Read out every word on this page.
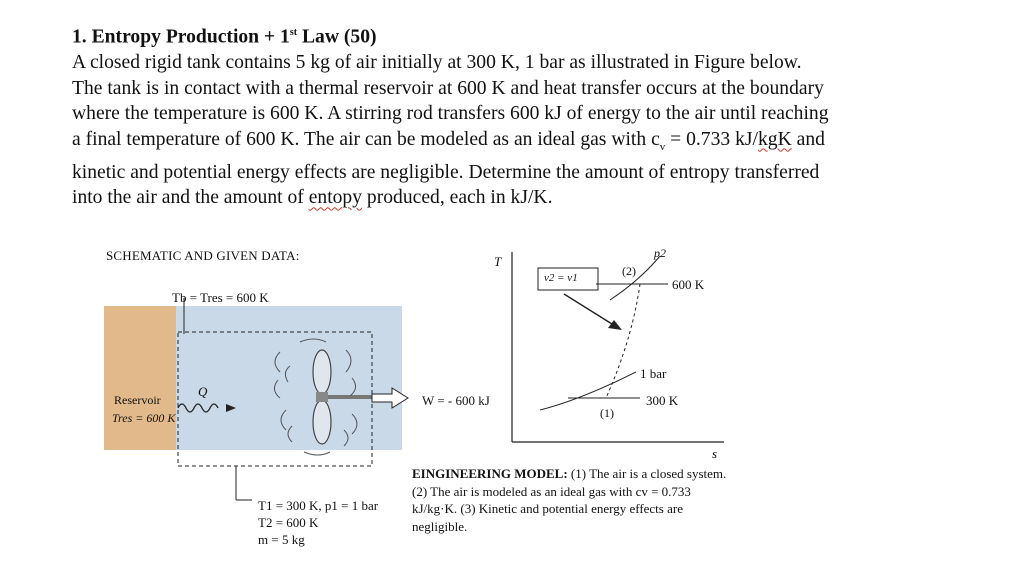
1. Entropy Production + 1st Law (50)

A closed rigid tank contains 5 kg of air initially at 300 K, 1 bar as illustrated in Figure below.

The tank is in contact with a thermal reservoir at 600 K and heat transfer occurs at the boundary

where the temperature is 600 K. A stirring rod transfers 600 kJ of energy to the air until reaching

a final temperature of 600 K. The air can be modeled as an ideal gas with $c_v = 0.733$ kJ/kgK and

kinetic and potential energy effects are negligible. Determine the amount of entropy transferred

into the air and the amount of entopy produced, each in kJ/K.

SCHEMATIC AND GIVEN DATA:
Tb = Tres = 600 K
Reservoir
Tres = 600 K
Q
W = - 600 kJ
T1 = 300 K, p1 = 1 bar
T2 = 600 K
m = 5 kg
T
s
p2
(2)
(1)
v2 = v1	600 K
1 bar
300 K
EINGINEERING MODEL: (1) The air is a closed system. (2) The air is modeled as an ideal gas with cv = 0.733 kJ/kg·K. (3) Kinetic and potential energy effects are negligible.
